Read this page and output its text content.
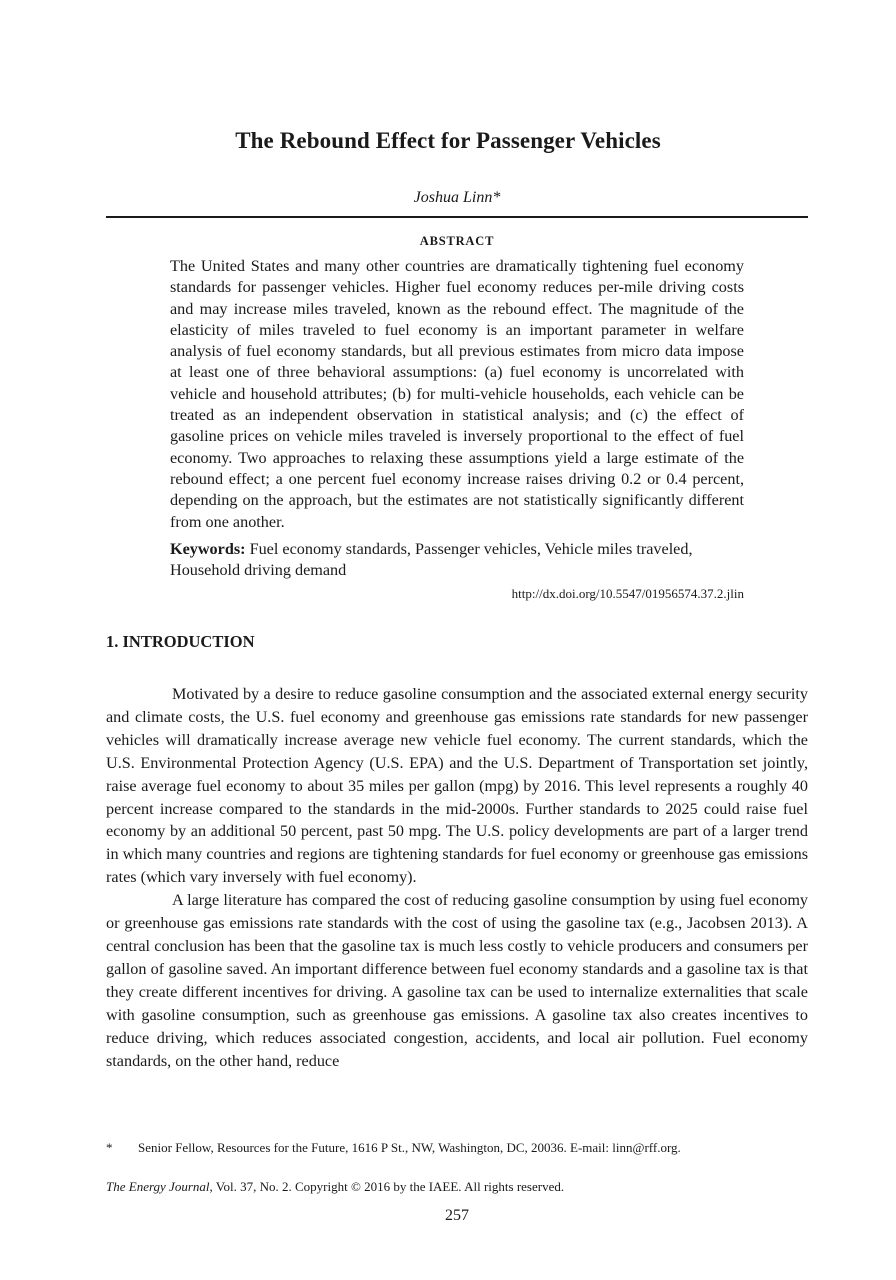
The Rebound Effect for Passenger Vehicles
Joshua Linn*
ABSTRACT

The United States and many other countries are dramatically tightening fuel economy standards for passenger vehicles. Higher fuel economy reduces per-mile driving costs and may increase miles traveled, known as the rebound effect. The magnitude of the elasticity of miles traveled to fuel economy is an important parameter in welfare analysis of fuel economy standards, but all previous estimates from micro data impose at least one of three behavioral assumptions: (a) fuel economy is uncorrelated with vehicle and household attributes; (b) for multi-vehicle households, each vehicle can be treated as an independent observation in statistical analysis; and (c) the effect of gasoline prices on vehicle miles traveled is inversely proportional to the effect of fuel economy. Two approaches to relaxing these assumptions yield a large estimate of the rebound effect; a one percent fuel economy increase raises driving 0.2 or 0.4 percent, depending on the approach, but the estimates are not statistically significantly different from one another.

Keywords: Fuel economy standards, Passenger vehicles, Vehicle miles traveled, Household driving demand

http://dx.doi.org/10.5547/01956574.37.2.jlin
1. INTRODUCTION

Motivated by a desire to reduce gasoline consumption and the associated external energy security and climate costs, the U.S. fuel economy and greenhouse gas emissions rate standards for new passenger vehicles will dramatically increase average new vehicle fuel economy. The current standards, which the U.S. Environmental Protection Agency (U.S. EPA) and the U.S. Department of Transportation set jointly, raise average fuel economy to about 35 miles per gallon (mpg) by 2016. This level represents a roughly 40 percent increase compared to the standards in the mid-2000s. Further standards to 2025 could raise fuel economy by an additional 50 percent, past 50 mpg. The U.S. policy developments are part of a larger trend in which many countries and regions are tightening standards for fuel economy or greenhouse gas emissions rates (which vary inversely with fuel economy).

A large literature has compared the cost of reducing gasoline consumption by using fuel economy or greenhouse gas emissions rate standards with the cost of using the gasoline tax (e.g., Jacobsen 2013). A central conclusion has been that the gasoline tax is much less costly to vehicle producers and consumers per gallon of gasoline saved. An important difference between fuel economy standards and a gasoline tax is that they create different incentives for driving. A gasoline tax can be used to internalize externalities that scale with gasoline consumption, such as greenhouse gas emissions. A gasoline tax also creates incentives to reduce driving, which reduces associated congestion, accidents, and local air pollution. Fuel economy standards, on the other hand, reduce

*	Senior Fellow, Resources for the Future, 1616 P St., NW, Washington, DC, 20036. E-mail: linn@rff.org.
The Energy Journal, Vol. 37, No. 2. Copyright © 2016 by the IAEE. All rights reserved.
257
